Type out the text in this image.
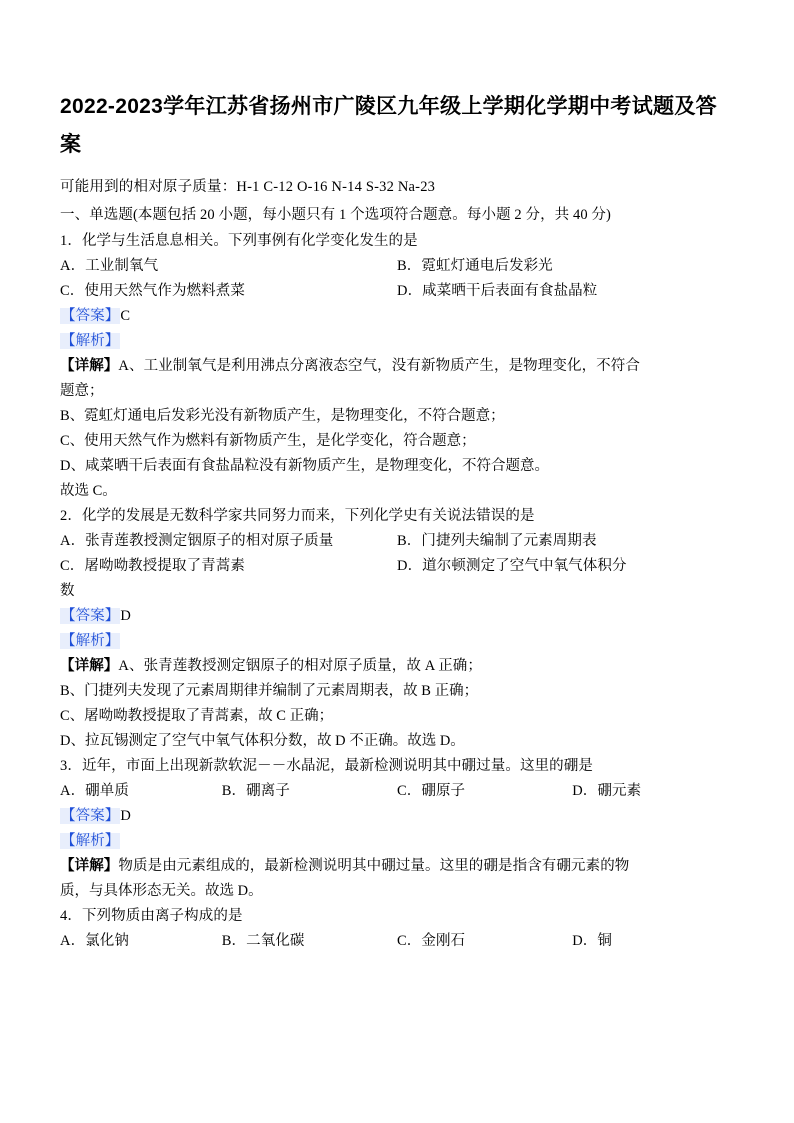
2022-2023学年江苏省扬州市广陵区九年级上学期化学期中考试题及答案

可能用到的相对原子质量：H-1 C-12 O-16 N-14 S-32 Na-23

一、单选题(本题包括 20 小题，每小题只有 1 个选项符合题意。每小题 2 分，共 40 分)

1．化学与生活息息相关。下列事例有化学变化发生的是

A．工业制氧气	B．霓虹灯通电后发彩光
C．使用天然气作为燃料煮菜	D．咸菜晒干后表面有食盐晶粒
【答案】C
【解析】
【详解】A、工业制氧气是利用沸点分离液态空气，没有新物质产生，是物理变化，不符合
题意；
B、霓虹灯通电后发彩光没有新物质产生，是物理变化，不符合题意；
C、使用天然气作为燃料有新物质产生，是化学变化，符合题意；
D、咸菜晒干后表面有食盐晶粒没有新物质产生，是物理变化，不符合题意。
故选 C。

2．化学的发展是无数科学家共同努力而来，下列化学史有关说法错误的是

A．张青莲教授测定铟原子的相对原子质量	B．门捷列夫编制了元素周期表
C．屠呦呦教授提取了青蒿素	D．道尔顿测定了空气中氧气体积分
数
【答案】D
【解析】
【详解】A、张青莲教授测定铟原子的相对原子质量，故 A 正确；
B、门捷列夫发现了元素周期律并编制了元素周期表，故 B 正确；
C、屠呦呦教授提取了青蒿素，故 C 正确；
D、拉瓦锡测定了空气中氧气体积分数，故 D 不正确。故选 D。

3．近年，市面上出现新款软泥－－水晶泥，最新检测说明其中硼过量。这里的硼是

A．硼单质	B．硼离子	C．硼原子	D．硼元素
【答案】D
【解析】
【详解】物质是由元素组成的，最新检测说明其中硼过量。这里的硼是指含有硼元素的物
质，与具体形态无关。故选 D。

4．下列物质由离子构成的是

A．氯化钠	B．二氧化碳	C．金刚石	D．铜
